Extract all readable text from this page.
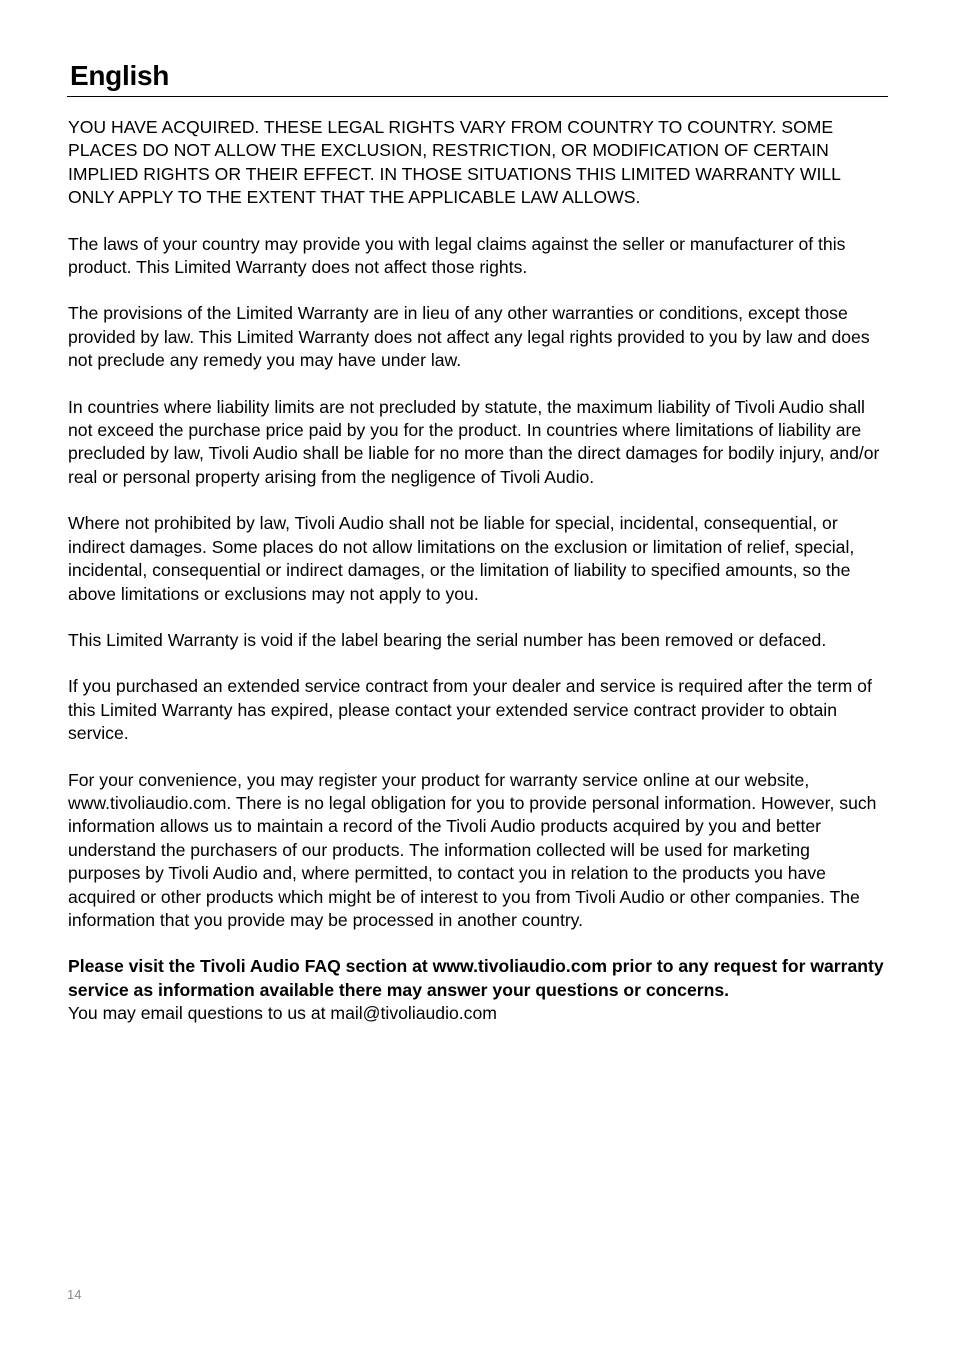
English

YOU HAVE ACQUIRED. THESE LEGAL RIGHTS VARY FROM COUNTRY TO COUNTRY. SOME PLACES DO NOT ALLOW THE EXCLUSION, RESTRICTION, OR MODIFICATION OF CERTAIN IMPLIED RIGHTS OR THEIR EFFECT. IN THOSE SITUATIONS THIS LIMITED WARRANTY WILL ONLY APPLY TO THE EXTENT THAT THE APPLICABLE LAW ALLOWS.

The laws of your country may provide you with legal claims against the seller or manufacturer of this product. This Limited Warranty does not affect those rights.

The provisions of the Limited Warranty are in lieu of any other warranties or conditions, except those provided by law. This Limited Warranty does not affect any legal rights provided to you by law and does not preclude any remedy you may have under law.

In countries where liability limits are not precluded by statute, the maximum liability of Tivoli Audio shall not exceed the purchase price paid by you for the product. In countries where limitations of liability are precluded by law, Tivoli Audio shall be liable for no more than the direct damages for bodily injury, and/or real or personal property arising from the negligence of Tivoli Audio.

Where not prohibited by law, Tivoli Audio shall not be liable for special, incidental, consequential, or indirect damages. Some places do not allow limitations on the exclusion or limitation of relief, special, incidental, consequential or indirect damages, or the limitation of liability to specified amounts, so the above limitations or exclusions may not apply to you.

This Limited Warranty is void if the label bearing the serial number has been removed or defaced.

If you purchased an extended service contract from your dealer and service is required after the term of this Limited Warranty has expired, please contact your extended service contract provider to obtain service.

For your convenience, you may register your product for warranty service online at our website, www.tivoliaudio.com. There is no legal obligation for you to provide personal information. However, such information allows us to maintain a record of the Tivoli Audio products acquired by you and better understand the purchasers of our products. The information collected will be used for marketing purposes by Tivoli Audio and, where permitted, to contact you in relation to the products you have acquired or other products which might be of interest to you from Tivoli Audio or other companies. The information that you provide may be processed in another country.

Please visit the Tivoli Audio FAQ section at www.tivoliaudio.com prior to any request for warranty service as information available there may answer your questions or concerns.
You may email questions to us at mail@tivoliaudio.com

14
